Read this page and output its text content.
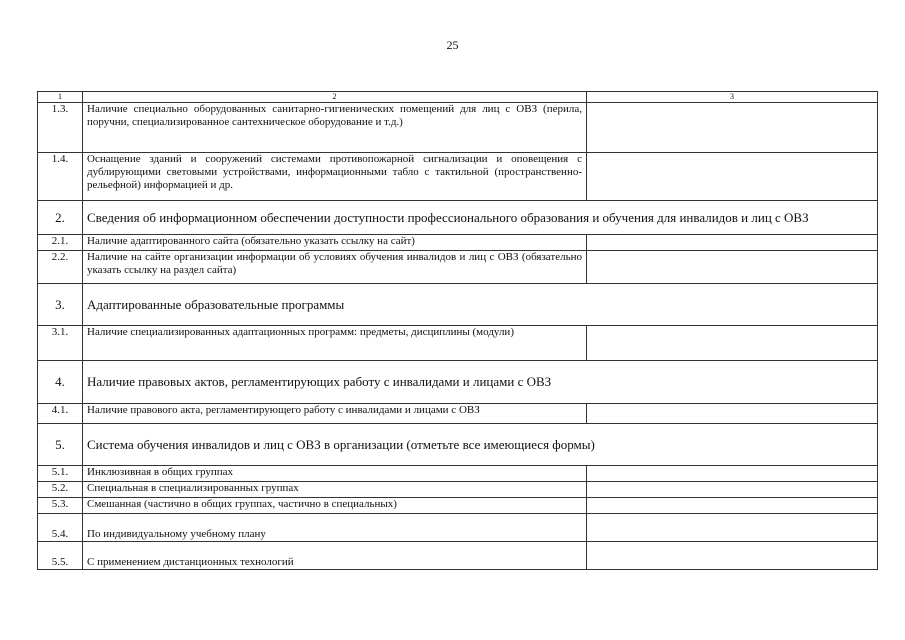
25
1	2	3
1.3.	Наличие специально оборудованных санитарно-гигиенических помещений для лиц с ОВЗ (перила, поручни, специализированное сантехническое оборудование и т.д.)	
1.4.	Оснащение зданий и сооружений системами противопожарной сигнализации и оповещения с дублирующими световыми устройствами, информационными табло с тактильной (пространственно-рельефной) информацией и др.	
2.	Сведения об информационном обеспечении доступности профессионального образования и обучения для инвалидов и лиц с ОВЗ	
2.1.	Наличие адаптированного сайта (обязательно указать ссылку на сайт)	
2.2.	Наличие на сайте организации информации об условиях обучения инвалидов и лиц с ОВЗ (обязательно указать ссылку на раздел сайта)	
3.	Адаптированные образовательные программы	
3.1.	Наличие специализированных адаптационных программ: предметы, дисциплины (модули)	
4.	Наличие правовых актов, регламентирующих работу с инвалидами и лицами с ОВЗ	
4.1.	Наличие правового акта, регламентирующего работу с инвалидами и лицами с ОВЗ	
5.	Система обучения инвалидов и лиц с ОВЗ в организации (отметьте все имеющиеся формы)	
5.1.	Инклюзивная в общих группах	
5.2.	Специальная в специализированных группах	
5.3.	Смешанная (частично в общих группах, частично в специальных)	
5.4.	По индивидуальному учебному плану	
5.5.	С применением дистанционных технологий	
